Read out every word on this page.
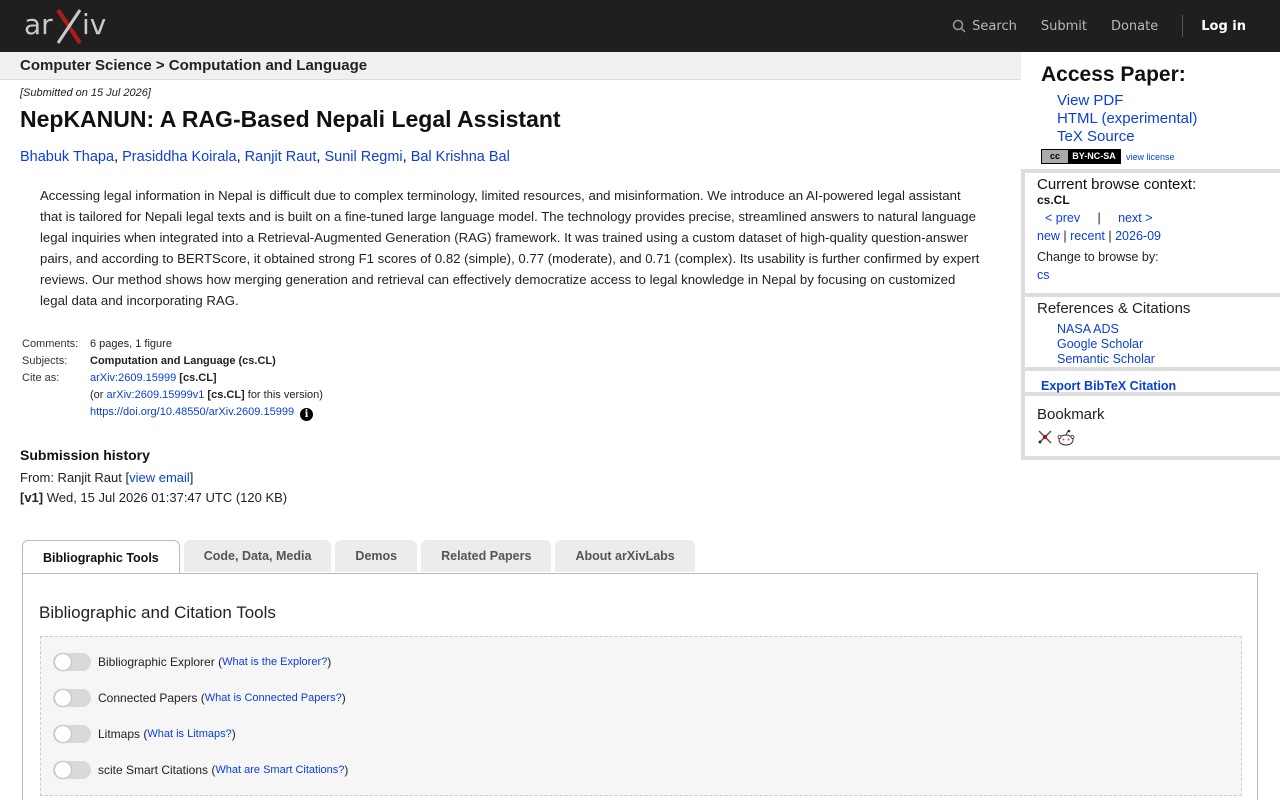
ar iv	Search Submit Donate	Log in
Computer Science > Computation and Language
[Submitted on 15 Jul 2026]
NepKANUN: A RAG-Based Nepali Legal Assistant
Bhabuk Thapa, Prasiddha Koirala, Ranjit Raut, Sunil Regmi, Bal Krishna Bal
Accessing legal information in Nepal is difficult due to complex terminology, limited resources, and misinformation. We introduce an AI-powered legal assistant that is tailored for Nepali legal texts and is built on a fine-tuned large language model. The technology provides precise, streamlined answers to natural language legal inquiries when integrated into a Retrieval-Augmented Generation (RAG) framework. It was trained using a custom dataset of high-quality question-answer pairs, and according to BERTScore, it obtained strong F1 scores of 0.82 (simple), 0.77 (moderate), and 0.71 (complex). Its usability is further confirmed by expert reviews. Our method shows how merging generation and retrieval can effectively democratize access to legal knowledge in Nepal by focusing on customized legal data and incorporating RAG.
Comments:	6 pages, 1 figure
Subjects:	Computation and Language (cs.CL)
Cite as:	arXiv:2609.15999 [cs.CL]
	(or arXiv:2609.15999v1 [cs.CL] for this version)
	https://doi.org/10.48550/arXiv.2609.15999 i
Submission history
From: Ranjit Raut [view email]
[v1] Wed, 15 Jul 2026 01:37:47 UTC (120 KB)
Bibliographic Tools	Code, Data, Media	Demos	Related Papers	About arXivLabs
Bibliographic and Citation Tools
Bibliographic Explorer ( What is the Explorer? )
Connected Papers ( What is Connected Papers? )
Litmaps ( What is Litmaps? )
scite Smart Citations ( What are Smart Citations? )
Access Paper:
View PDF
HTML (experimental)
TeX Source
cc	BY-NC-SA	view license
Current browse context:
cs.CL
< prev | next >
new | recent | 2026-09
Change to browse by:
cs
References & Citations
NASA ADS
Google Scholar
Semantic Scholar
Export BibTeX Citation
Bookmark
